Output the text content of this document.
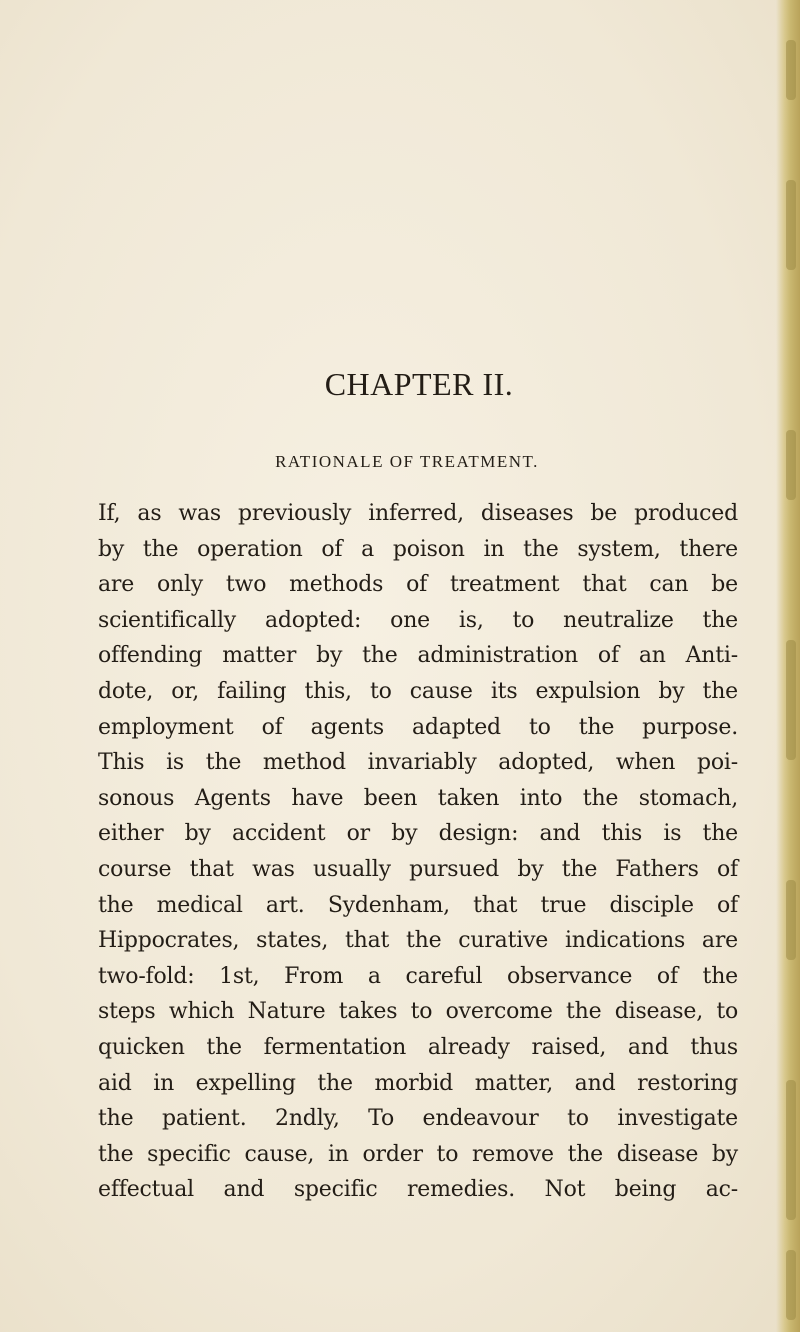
CHAPTER II.
RATIONALE OF TREATMENT.
If, as was previously inferred, diseases be produced
by the operation of a poison in the system, there
are only two methods of treatment that can be
scientifically adopted: one is, to neutralize the
offending matter by the administration of an Anti-
dote, or, failing this, to cause its expulsion by the
employment of agents adapted to the purpose.
This is the method invariably adopted, when poi-
sonous Agents have been taken into the stomach,
either by accident or by design: and this is the
course that was usually pursued by the Fathers of
the medical art. Sydenham, that true disciple of
Hippocrates, states, that the curative indications are
two-fold: 1st, From a careful observance of the
steps which Nature takes to overcome the disease, to
quicken the fermentation already raised, and thus
aid in expelling the morbid matter, and restoring
the patient. 2ndly, To endeavour to investigate
the specific cause, in order to remove the disease by
effectual and specific remedies. Not being ac-
